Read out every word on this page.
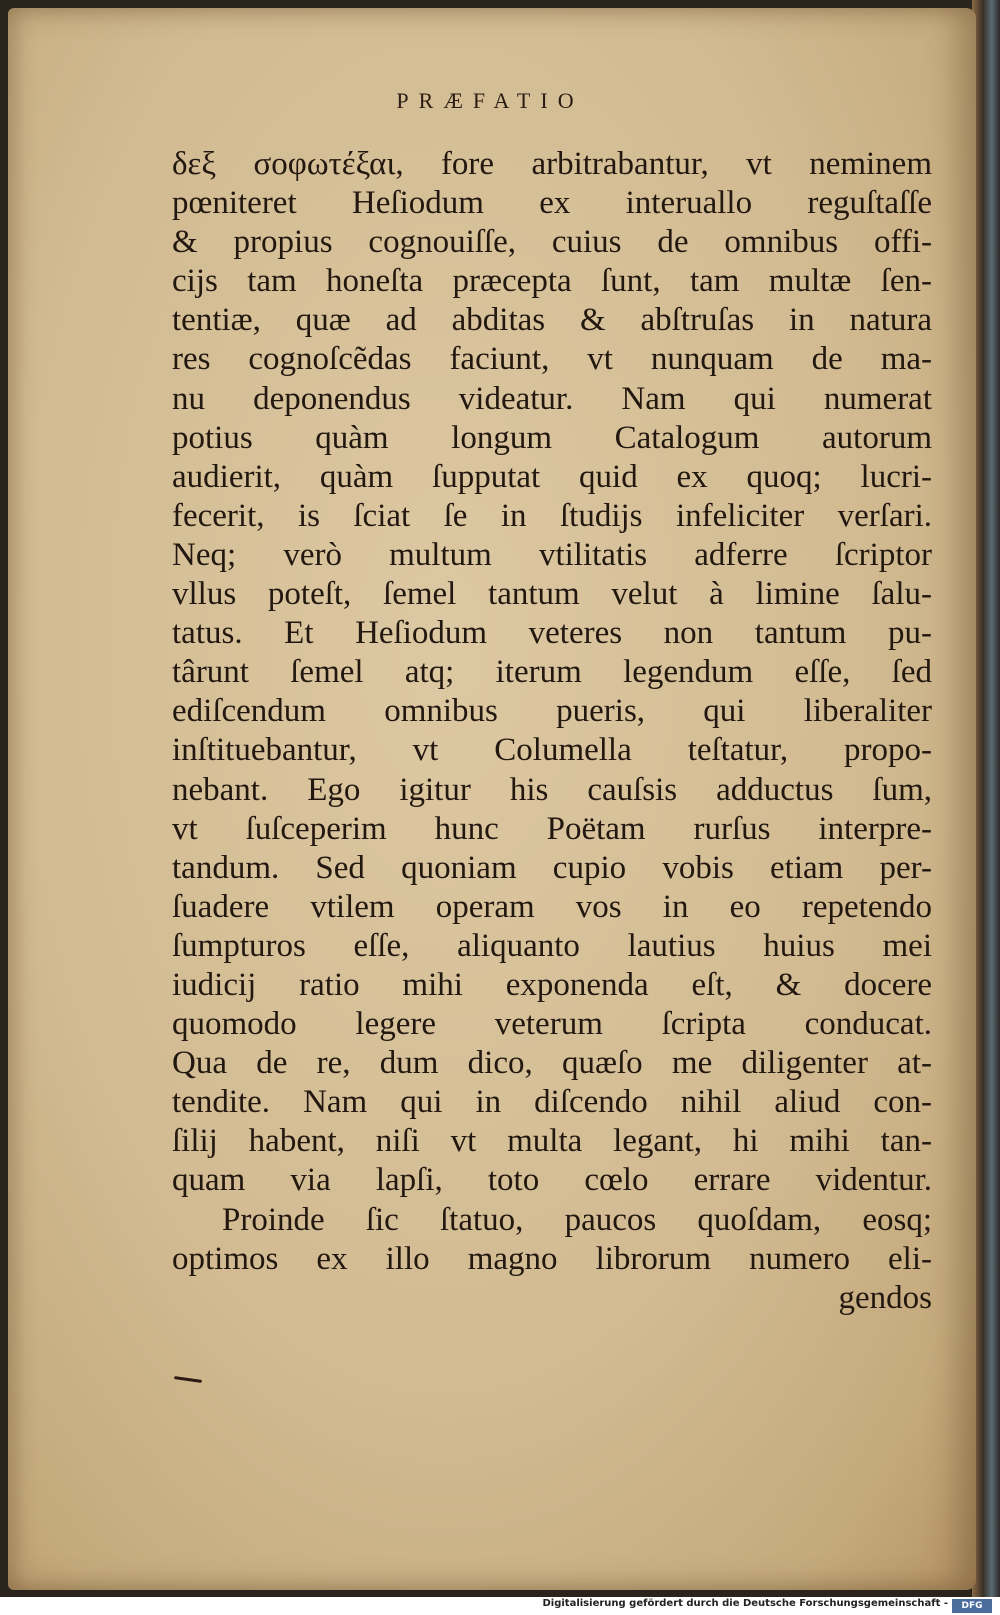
PRÆFATIO
δεξ σοφωτέξαι, fore arbitrabantur, vt neminem
pœniteret Heſiodum ex interuallo reguſtaſſe
& propius cognouiſſe, cuius de omnibus offi-
cijs tam honeſta præcepta ſunt, tam multæ ſen-
tentiæ, quæ ad abditas & abſtruſas in natura
res cognoſcẽdas faciunt, vt nunquam de ma-
nu deponendus videatur. Nam qui numerat
potius quàm longum Catalogum autorum
audierit, quàm ſupputat quid ex quoq; lucri-
fecerit, is ſciat ſe in ſtudijs infeliciter verſari.
Neq; verò multum vtilitatis adferre ſcriptor
vllus poteſt, ſemel tantum velut à limine ſalu-
tatus. Et Heſiodum veteres non tantum pu-
târunt ſemel atq; iterum legendum eſſe, ſed
ediſcendum omnibus pueris, qui liberaliter
inſtituebantur, vt Columella teſtatur, propo-
nebant. Ego igitur his cauſsis adductus ſum,
vt ſuſceperim hunc Poëtam rurſus interpre-
tandum. Sed quoniam cupio vobis etiam per-
ſuadere vtilem operam vos in eo repetendo
ſumpturos eſſe, aliquanto lautius huius mei
iudicij ratio mihi exponenda eſt, & docere
quomodo legere veterum ſcripta conducat.
Qua de re, dum dico, quæſo me diligenter at-
tendite. Nam qui in diſcendo nihil aliud con-
ſilij habent, niſi vt multa legant, hi mihi tan-
quam via lapſi, toto cœlo errare videntur.
Proinde ſic ſtatuo, paucos quoſdam, eosq;
optimos ex illo magno librorum numero eli-
gendos
Digitalisierung gefördert durch die Deutsche Forschungsgemeinschaft -	DFG
